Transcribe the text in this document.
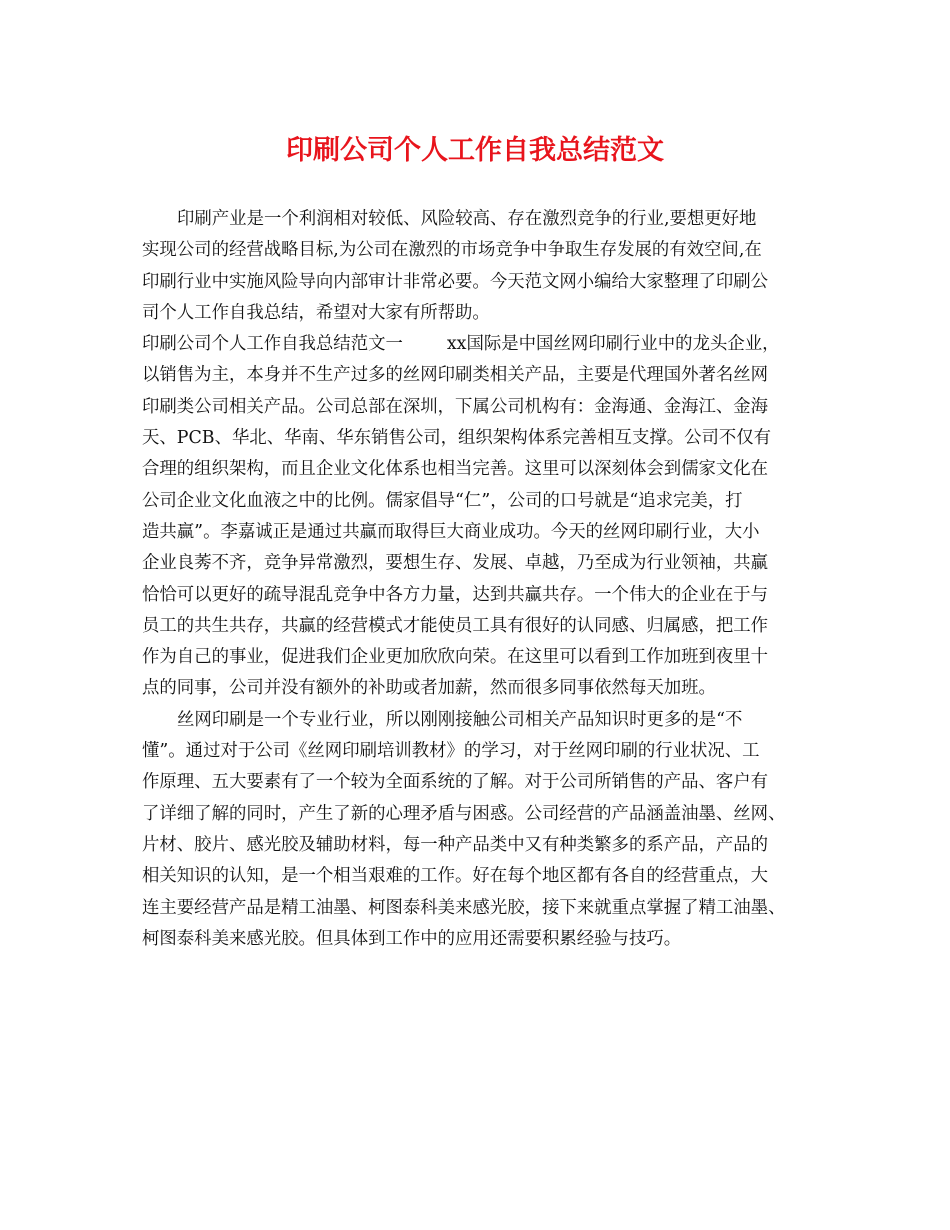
印刷公司个人工作自我总结范文
印刷产业是一个利润相对较低、风险较高、存在激烈竞争的行业,要想更好地
实现公司的经营战略目标,为公司在激烈的市场竞争中争取生存发展的有效空间,在
印刷行业中实施风险导向内部审计非常必要。今天范文网小编给大家整理了印刷公
司个人工作自我总结，希望对大家有所帮助。
印刷公司个人工作自我总结范文一	xx国际是中国丝网印刷行业中的龙头企业，
以销售为主，本身并不生产过多的丝网印刷类相关产品，主要是代理国外著名丝网
印刷类公司相关产品。公司总部在深圳，下属公司机构有：金海通、金海江、金海
天、PCB、华北、华南、华东销售公司，组织架构体系完善相互支撑。公司不仅有
合理的组织架构，而且企业文化体系也相当完善。这里可以深刻体会到儒家文化在
公司企业文化血液之中的比例。儒家倡导“仁”，公司的口号就是“追求完美，打
造共赢”。李嘉诚正是通过共赢而取得巨大商业成功。今天的丝网印刷行业，大小
企业良莠不齐，竞争异常激烈，要想生存、发展、卓越，乃至成为行业领袖，共赢
恰恰可以更好的疏导混乱竞争中各方力量，达到共赢共存。一个伟大的企业在于与
员工的共生共存，共赢的经营模式才能使员工具有很好的认同感、归属感，把工作
作为自己的事业，促进我们企业更加欣欣向荣。在这里可以看到工作加班到夜里十
点的同事，公司并没有额外的补助或者加薪，然而很多同事依然每天加班。
丝网印刷是一个专业行业，所以刚刚接触公司相关产品知识时更多的是“不
懂”。通过对于公司《丝网印刷培训教材》的学习，对于丝网印刷的行业状况、工
作原理、五大要素有了一个较为全面系统的了解。对于公司所销售的产品、客户有
了详细了解的同时，产生了新的心理矛盾与困惑。公司经营的产品涵盖油墨、丝网、
片材、胶片、感光胶及辅助材料，每一种产品类中又有种类繁多的系产品，产品的
相关知识的认知，是一个相当艰难的工作。好在每个地区都有各自的经营重点，大
连主要经营产品是精工油墨、柯图泰科美来感光胶，接下来就重点掌握了精工油墨、
柯图泰科美来感光胶。但具体到工作中的应用还需要积累经验与技巧。
